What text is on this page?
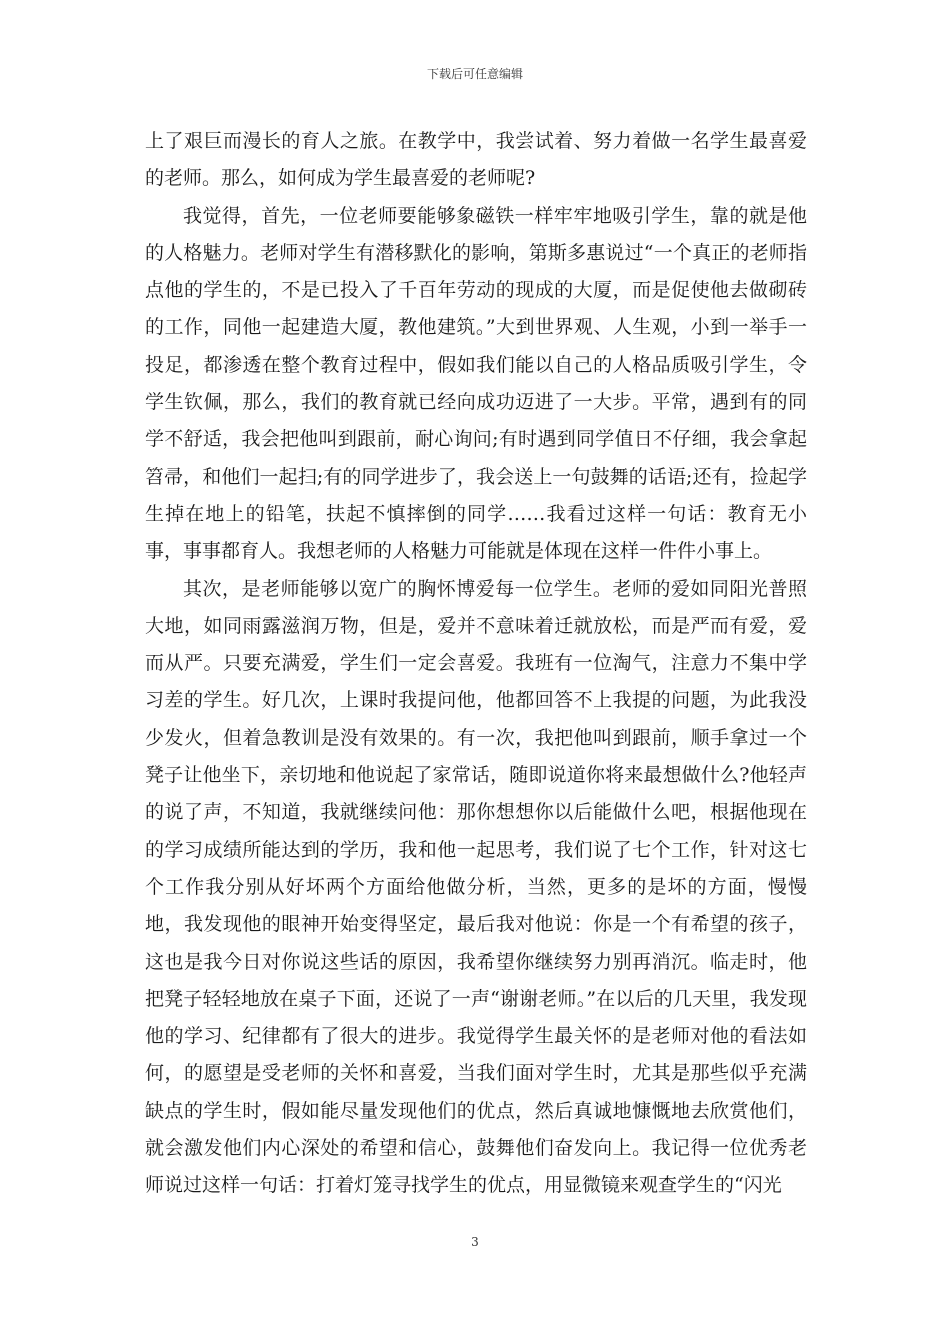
下载后可任意编辑

上了艰巨而漫长的育人之旅。在教学中，我尝试着、努力着做一名学生最喜爱的老师。那么，如何成为学生最喜爱的老师呢?

我觉得，首先，一位老师要能够象磁铁一样牢牢地吸引学生，靠的就是他的人格魅力。老师对学生有潜移默化的影响，第斯多惠说过“一个真正的老师指点他的学生的，不是已投入了千百年劳动的现成的大厦，而是促使他去做砌砖的工作，同他一起建造大厦，教他建筑。”大到世界观、人生观，小到一举手一投足，都渗透在整个教育过程中，假如我们能以自己的人格品质吸引学生，令学生钦佩，那么，我们的教育就已经向成功迈进了一大步。平常，遇到有的同学不舒适，我会把他叫到跟前，耐心询问;有时遇到同学值日不仔细，我会拿起笤帚，和他们一起扫;有的同学进步了，我会送上一句鼓舞的话语;还有，捡起学生掉在地上的铅笔，扶起不慎摔倒的同学……我看过这样一句话：教育无小事，事事都育人。我想老师的人格魅力可能就是体现在这样一件件小事上。

其次，是老师能够以宽广的胸怀博爱每一位学生。老师的爱如同阳光普照大地，如同雨露滋润万物，但是，爱并不意味着迁就放松，而是严而有爱，爱而从严。只要充满爱，学生们一定会喜爱。我班有一位淘气，注意力不集中学习差的学生。好几次，上课时我提问他，他都回答不上我提的问题，为此我没少发火，但着急教训是没有效果的。有一次，我把他叫到跟前，顺手拿过一个凳子让他坐下，亲切地和他说起了家常话，随即说道你将来最想做什么?他轻声的说了声，不知道，我就继续问他：那你想想你以后能做什么吧，根据他现在的学习成绩所能达到的学历，我和他一起思考，我们说了七个工作，针对这七个工作我分别从好坏两个方面给他做分析，当然，更多的是坏的方面，慢慢地，我发现他的眼神开始变得坚定，最后我对他说：你是一个有希望的孩子，这也是我今日对你说这些话的原因，我希望你继续努力别再消沉。临走时，他把凳子轻轻地放在桌子下面，还说了一声“谢谢老师。”在以后的几天里，我发现他的学习、纪律都有了很大的进步。我觉得学生最关怀的是老师对他的看法如何，的愿望是受老师的关怀和喜爱，当我们面对学生时，尤其是那些似乎充满缺点的学生时，假如能尽量发现他们的优点，然后真诚地慷慨地去欣赏他们，就会激发他们内心深处的希望和信心，鼓舞他们奋发向上。我记得一位优秀老师说过这样一句话：打着灯笼寻找学生的优点，用显微镜来观查学生的“闪光

3
